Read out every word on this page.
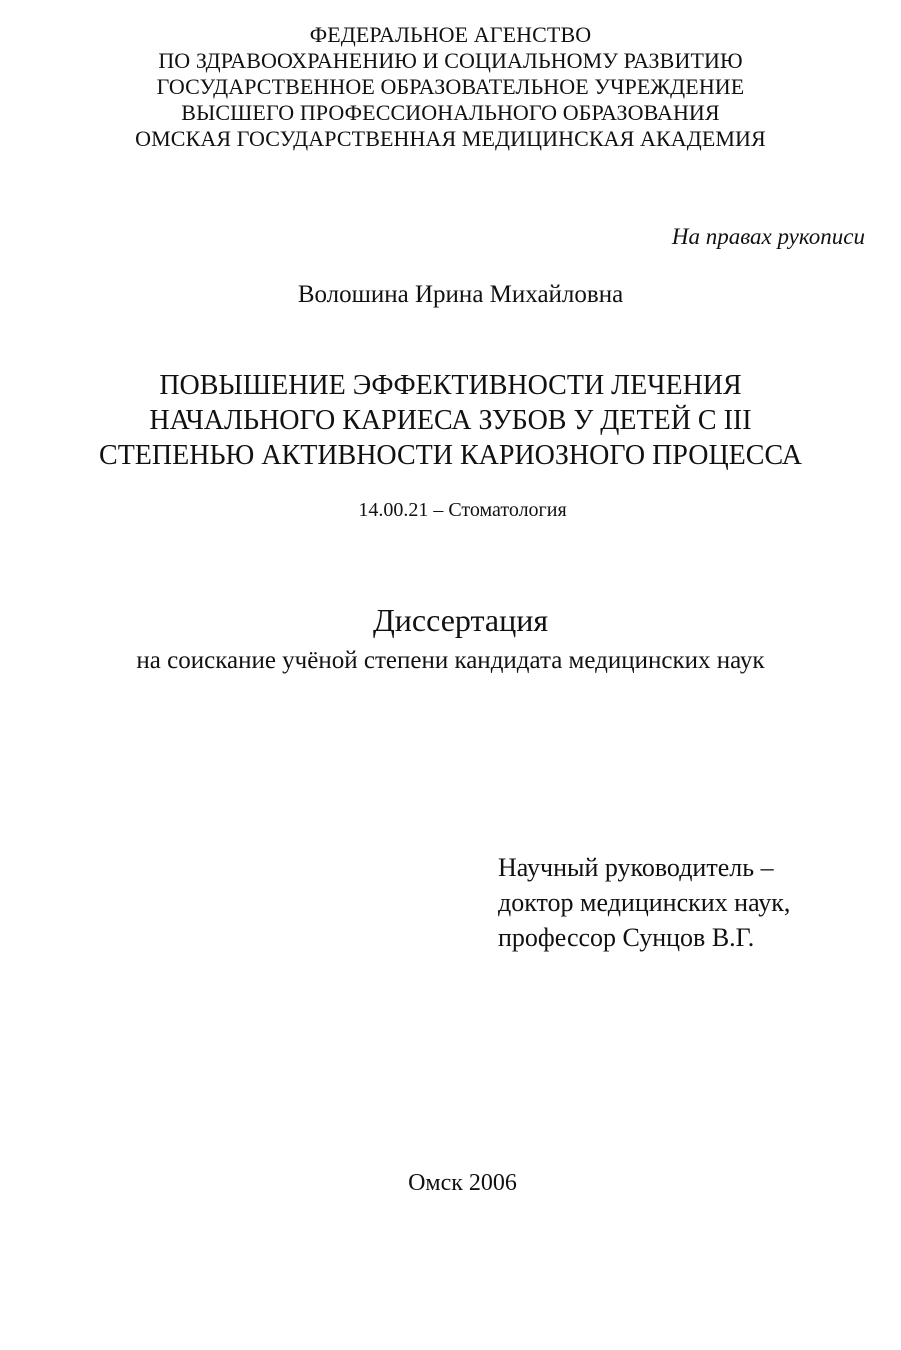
ФЕДЕРАЛЬНОЕ АГЕНСТВО
ПО ЗДРАВООХРАНЕНИЮ И СОЦИАЛЬНОМУ РАЗВИТИЮ
ГОСУДАРСТВЕННОЕ ОБРАЗОВАТЕЛЬНОЕ УЧРЕЖДЕНИЕ
ВЫСШЕГО ПРОФЕССИОНАЛЬНОГО ОБРАЗОВАНИЯ
ОМСКАЯ ГОСУДАРСТВЕННАЯ МЕДИЦИНСКАЯ АКАДЕМИЯ
На правах рукописи
Волошина Ирина Михайловна
ПОВЫШЕНИЕ ЭФФЕКТИВНОСТИ ЛЕЧЕНИЯ
НАЧАЛЬНОГО КАРИЕСА ЗУБОВ У ДЕТЕЙ С III
СТЕПЕНЬЮ АКТИВНОСТИ КАРИОЗНОГО ПРОЦЕССА
14.00.21 – Стоматология
Диссертация
на соискание учёной степени кандидата медицинских наук
Научный руководитель –
доктор медицинских наук,
профессор Сунцов В.Г.
Омск 2006
